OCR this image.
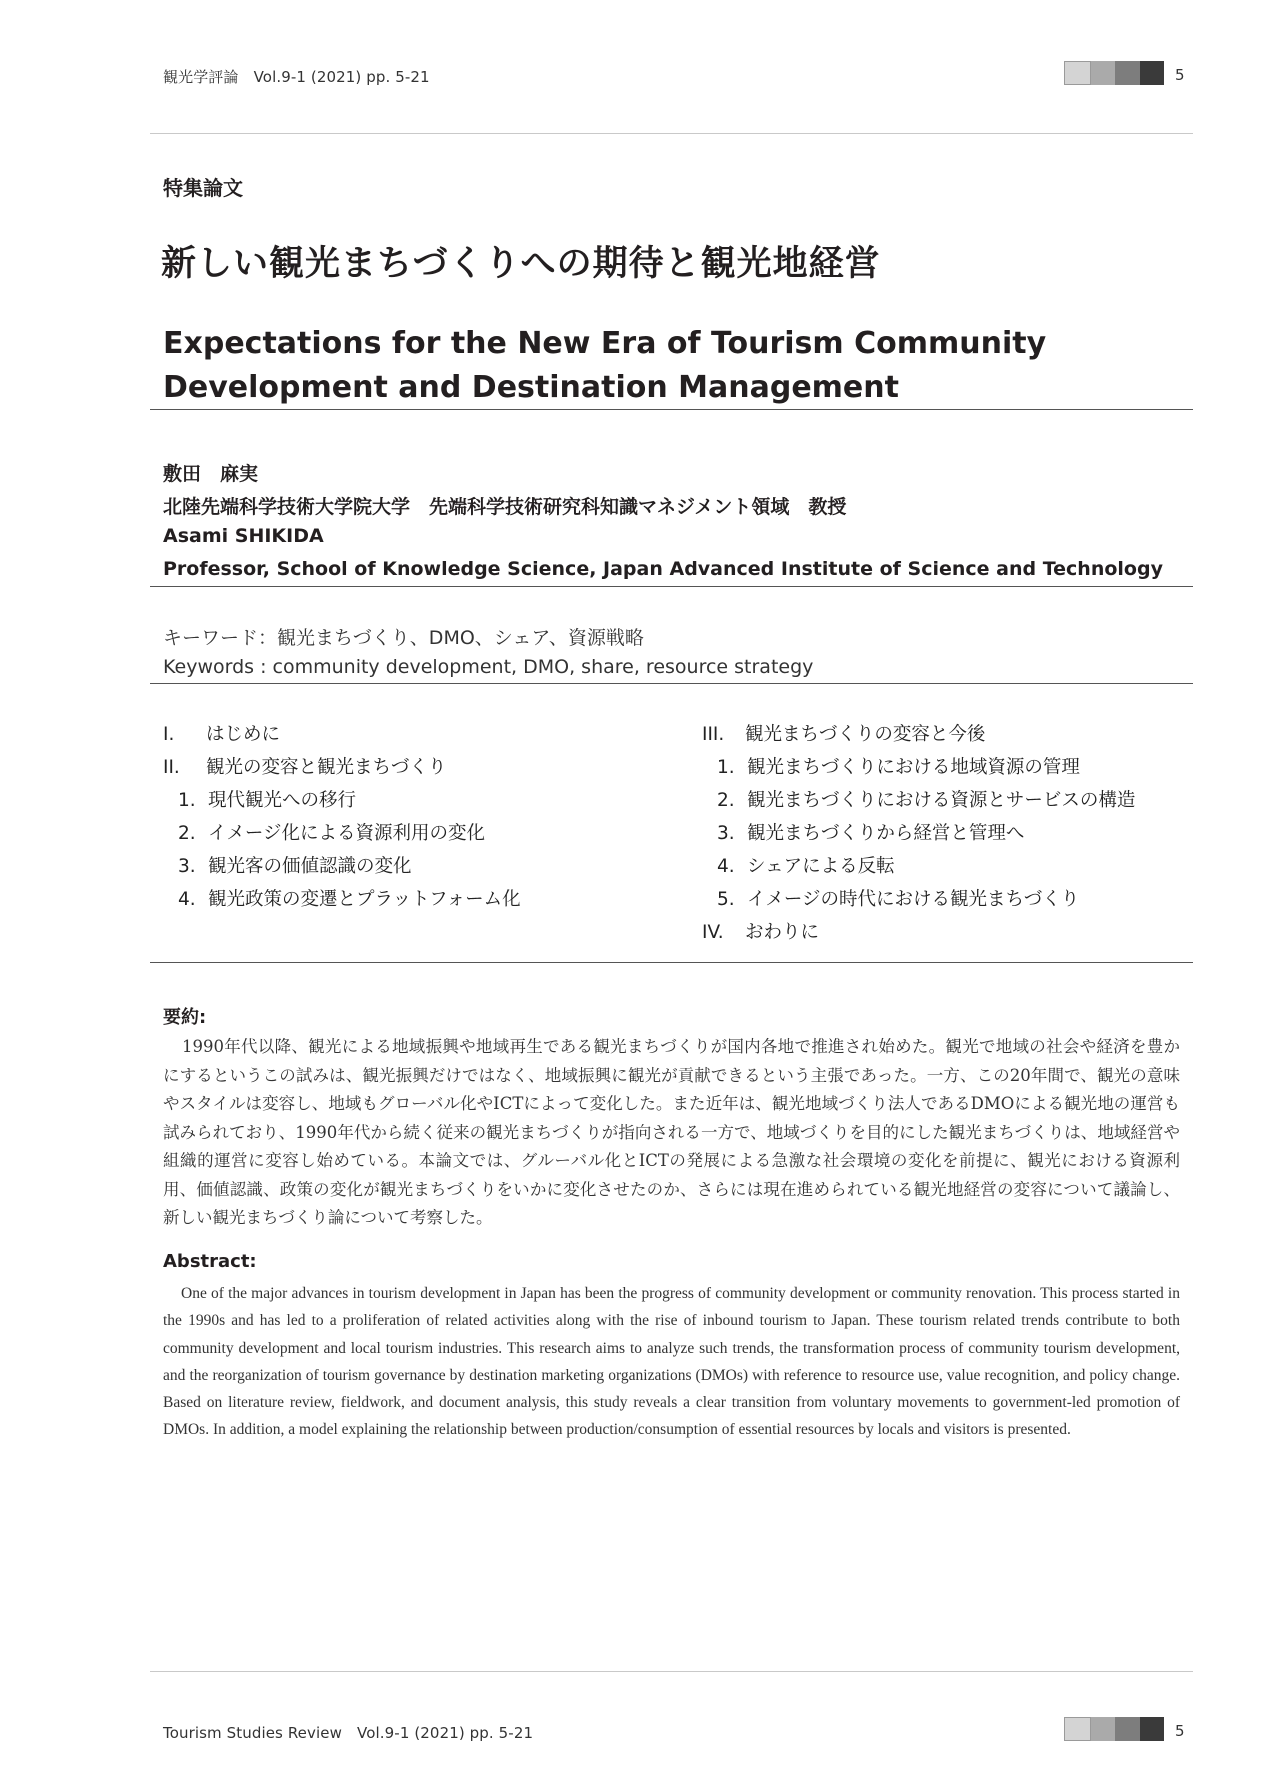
観光学評論　Vol.9-1 (2021) pp. 5-21	5
特集論文
新しい観光まちづくりへの期待と観光地経営
Expectations for the New Era of Tourism Community Development and Destination Management
敷田　麻実
北陸先端科学技術大学院大学　先端科学技術研究科知識マネジメント領域　教授
Asami SHIKIDA
Professor, School of Knowledge Science, Japan Advanced Institute of Science and Technology
キーワード：観光まちづくり、DMO、シェア、資源戦略
Keywords : community development, DMO, share, resource strategy
I. はじめに
II. 観光の変容と観光まちづくり
1. 現代観光への移行
2. イメージ化による資源利用の変化
3. 観光客の価値認識の変化
4. 観光政策の変遷とプラットフォーム化
III. 観光まちづくりの変容と今後
1. 観光まちづくりにおける地域資源の管理
2. 観光まちづくりにおける資源とサービスの構造
3. 観光まちづくりから経営と管理へ
4. シェアによる反転
5. イメージの時代における観光まちづくり
IV. おわりに
要約:

1990年代以降、観光による地域振興や地域再生である観光まちづくりが国内各地で推進され始めた。観光で地域の社会や経済を豊かにするというこの試みは、観光振興だけではなく、地域振興に観光が貢献できるという主張であった。一方、この20年間で、観光の意味やスタイルは変容し、地域もグローバル化やICTによって変化した。また近年は、観光地域づくり法人であるDMOによる観光地の運営も試みられており、1990年代から続く従来の観光まちづくりが指向される一方で、地域づくりを目的にした観光まちづくりは、地域経営や組織的運営に変容し始めている。本論文では、グルーバル化とICTの発展による急激な社会環境の変化を前提に、観光における資源利用、価値認識、政策の変化が観光まちづくりをいかに変化させたのか、さらには現在進められている観光地経営の変容について議論し、新しい観光まちづくり論について考察した。

Abstract:

One of the major advances in tourism development in Japan has been the progress of community development or community renovation. This process started in the 1990s and has led to a proliferation of related activities along with the rise of inbound tourism to Japan. These tourism related trends contribute to both community development and local tourism industries. This research aims to analyze such trends, the transformation process of community tourism development, and the reorganization of tourism governance by destination marketing organizations (DMOs) with reference to resource use, value recognition, and policy change. Based on literature review, fieldwork, and document analysis, this study reveals a clear transition from voluntary movements to government-led promotion of DMOs. In addition, a model explaining the relationship between production/consumption of essential resources by locals and visitors is presented.

Tourism Studies Review　Vol.9-1 (2021) pp. 5-21	5
